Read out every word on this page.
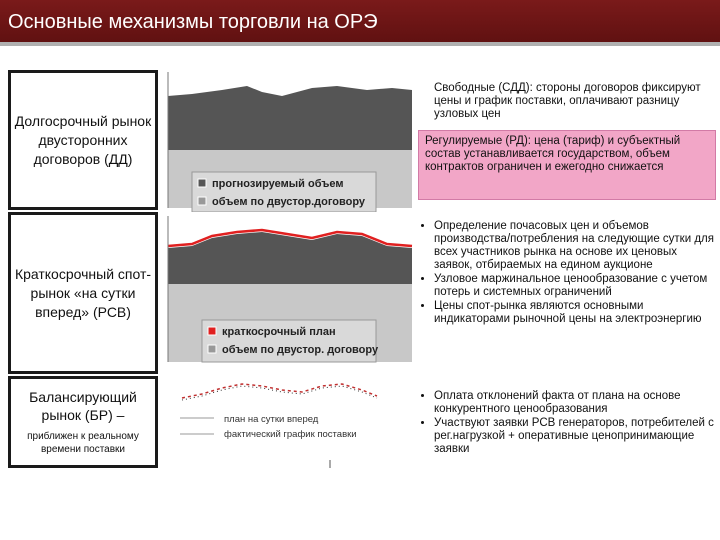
Основные механизмы торговли на ОРЭ
Долгосрочный рынок двусторонних договоров (ДД)
прогнозируемый объем
объем по двустор.договору
Свободные (СДД): стороны договоров фиксируют цены и график поставки, оплачивают разницу узловых цен
Регулируемые (РД): цена (тариф) и субъектный состав устанавливается государством, объем контрактов ограничен и ежегодно снижается
Краткосрочный спот-рынок «на сутки вперед» (РСВ)
краткосрочный план
объем по двустор. договору
• Определение почасовых цен и объемов производства/потребления на следующие сутки для всех участников рынка на основе их ценовых заявок, отбираемых на едином аукционе
• Узловое маржинальное ценообразование с учетом потерь и системных ограничений
• Цены спот-рынка являются основными индикаторами рыночной цены на электроэнергию
Балансирующий рынок (БР) –
приближен к реальному времени поставки
план на сутки вперед
фактический график поставки
• Оплата отклонений факта от плана на основе конкурентного ценообразования
• Участвуют заявки РСВ генераторов, потребителей с рег.нагрузкой + оперативные ценопринимающие заявки
